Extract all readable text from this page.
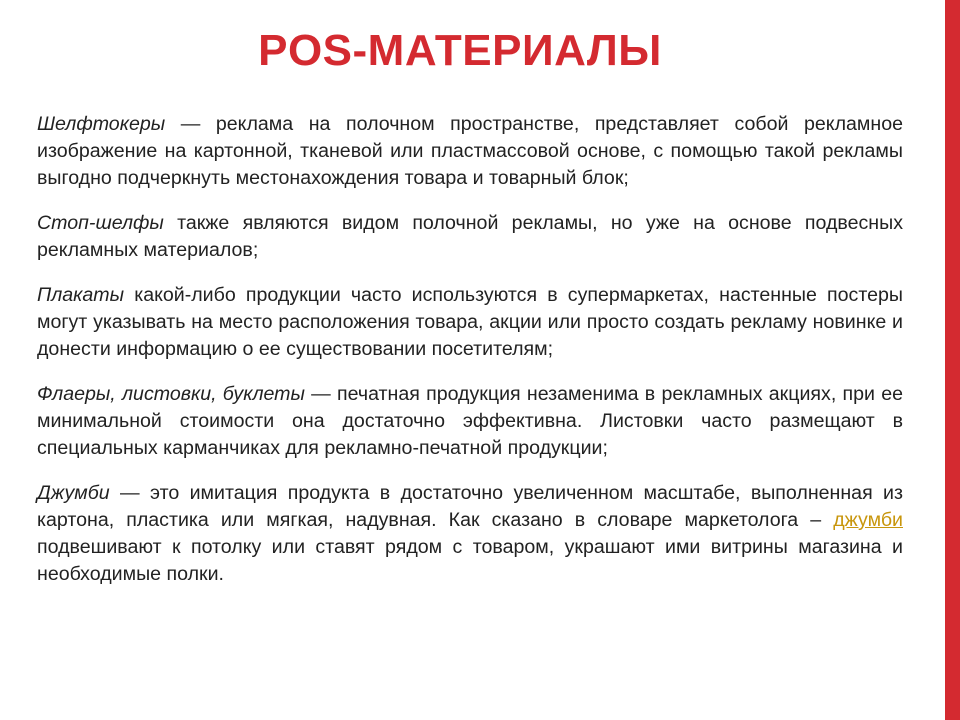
POS-МАТЕРИАЛЫ

Шелфтокеры — реклама на полочном пространстве, представляет собой рекламное изображение на картонной, тканевой или пластмассовой основе, с помощью такой рекламы выгодно подчеркнуть местонахождения товара и товарный блок;

Стоп-шелфы также являются видом полочной рекламы, но уже на основе подвесных рекламных материалов;

Плакаты какой-либо продукции часто используются в супермаркетах, настенные постеры могут указывать на место расположения товара, акции или просто создать рекламу новинке и донести информацию о ее существовании посетителям;

Флаеры, листовки, буклеты — печатная продукция незаменима в рекламных акциях, при ее минимальной стоимости она достаточно эффективна. Листовки часто размещают в специальных карманчиках для рекламно-печатной продукции;

Джумби — это имитация продукта в достаточно увеличенном масштабе, выполненная из картона, пластика или мягкая, надувная. Как сказано в словаре маркетолога – джумби подвешивают к потолку или ставят рядом с товаром, украшают ими витрины магазина и необходимые полки.
